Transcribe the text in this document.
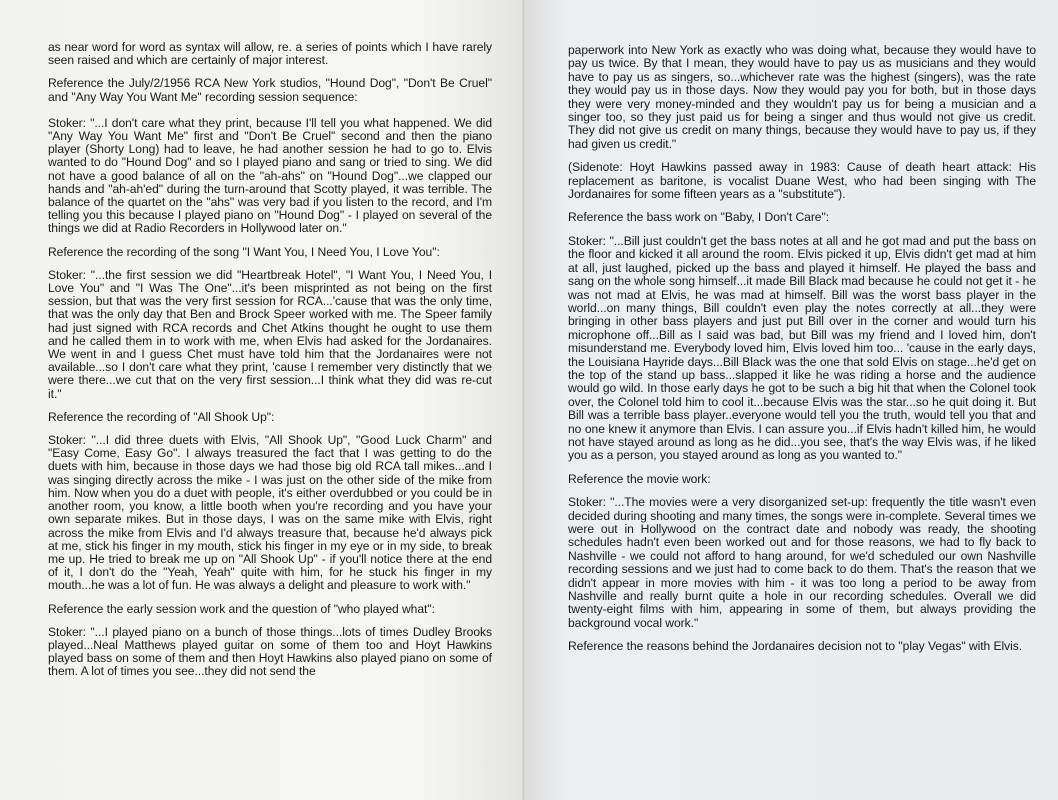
as near word for word as syntax will allow, re. a series of points which I have rarely seen raised and which are certainly of major interest.

Reference the July/2/1956 RCA New York studios, "Hound Dog", "Don't Be Cruel" and "Any Way You Want Me" recording session sequence:

Stoker: "...I don't care what they print, because I'll tell you what happened. We did "Any Way You Want Me" first and "Don't Be Cruel" second and then the piano player (Shorty Long) had to leave, he had another session he had to go to. Elvis wanted to do "Hound Dog" and so I played piano and sang or tried to sing. We did not have a good balance of all on the "ah-ahs" on "Hound Dog"...we clapped our hands and "ah-ah'ed" during the turn-around that Scotty played, it was terrible. The balance of the quartet on the "ahs" was very bad if you listen to the record, and I'm telling you this because I played piano on "Hound Dog" - I played on several of the things we did at Radio Recorders in Hollywood later on."

Reference the recording of the song "I Want You, I Need You, I Love You":

Stoker: "...the first session we did "Heartbreak Hotel", "I Want You, I Need You, I Love You" and "I Was The One"...it's been misprinted as not being on the first session, but that was the very first session for RCA...'cause that was the only time, that was the only day that Ben and Brock Speer worked with me. The Speer family had just signed with RCA records and Chet Atkins thought he ought to use them and he called them in to work with me, when Elvis had asked for the Jordanaires. We went in and I guess Chet must have told him that the Jordanaires were not available...so I don't care what they print, 'cause I remember very distinctly that we were there...we cut that on the very first session...I think what they did was re-cut it."

Reference the recording of "All Shook Up":

Stoker: "...I did three duets with Elvis, "All Shook Up", "Good Luck Charm" and "Easy Come, Easy Go". I always treasured the fact that I was getting to do the duets with him, because in those days we had those big old RCA tall mikes...and I was singing directly across the mike - I was just on the other side of the mike from him. Now when you do a duet with people, it's either overdubbed or you could be in another room, you know, a little booth when you're recording and you have your own separate mikes. But in those days, I was on the same mike with Elvis, right across the mike from Elvis and I'd always treasure that, because he'd always pick at me, stick his finger in my mouth, stick his finger in my eye or in my side, to break me up. He tried to break me up on "All Shook Up" - if you'll notice there at the end of it, I don't do the "Yeah, Yeah" quite with him, for he stuck his finger in my mouth...he was a lot of fun. He was always a delight and pleasure to work with."

Reference the early session work and the question of "who played what":

Stoker: "...I played piano on a bunch of those things...lots of times Dudley Brooks played...Neal Matthews played guitar on some of them too and Hoyt Hawkins played bass on some of them and then Hoyt Hawkins also played piano on some of them. A lot of times you see...they did not send the

paperwork into New York as exactly who was doing what, because they would have to pay us twice. By that I mean, they would have to pay us as musicians and they would have to pay us as singers, so...whichever rate was the highest (singers), was the rate they would pay us in those days. Now they would pay you for both, but in those days they were very money-minded and they wouldn't pay us for being a musician and a singer too, so they just paid us for being a singer and thus would not give us credit. They did not give us credit on many things, because they would have to pay us, if they had given us credit."

(Sidenote: Hoyt Hawkins passed away in 1983: Cause of death heart attack: His replacement as baritone, is vocalist Duane West, who had been singing with The Jordanaires for some fifteen years as a "substitute").

Reference the bass work on "Baby, I Don't Care":

Stoker: "...Bill just couldn't get the bass notes at all and he got mad and put the bass on the floor and kicked it all around the room. Elvis picked it up, Elvis didn't get mad at him at all, just laughed, picked up the bass and played it himself. He played the bass and sang on the whole song himself...it made Bill Black mad because he could not get it - he was not mad at Elvis, he was mad at himself. Bill was the worst bass player in the world...on many things, Bill couldn't even play the notes correctly at all...they were bringing in other bass players and just put Bill over in the corner and would turn his microphone off...Bill as I said was bad, but Bill was my friend and I loved him, don't misunderstand me. Everybody loved him, Elvis loved him too... 'cause in the early days, the Louisiana Hayride days...Bill Black was the one that sold Elvis on stage...he'd get on the top of the stand up bass...slapped it like he was riding a horse and the audience would go wild. In those early days he got to be such a big hit that when the Colonel took over, the Colonel told him to cool it...because Elvis was the star...so he quit doing it. But Bill was a terrible bass player..everyone would tell you the truth, would tell you that and no one knew it anymore than Elvis. I can assure you...if Elvis hadn't killed him, he would not have stayed around as long as he did...you see, that's the way Elvis was, if he liked you as a person, you stayed around as long as you wanted to."

Reference the movie work:

Stoker: "...The movies were a very disorganized set-up: frequently the title wasn't even decided during shooting and many times, the songs were in-complete. Several times we were out in Hollywood on the contract date and nobody was ready, the shooting schedules hadn't even been worked out and for those reasons, we had to fly back to Nashville - we could not afford to hang around, for we'd scheduled our own Nashville recording sessions and we just had to come back to do them. That's the reason that we didn't appear in more movies with him - it was too long a period to be away from Nashville and really burnt quite a hole in our recording schedules. Overall we did twenty-eight films with him, appearing in some of them, but always providing the background vocal work."

Reference the reasons behind the Jordanaires decision not to "play Vegas" with Elvis.
